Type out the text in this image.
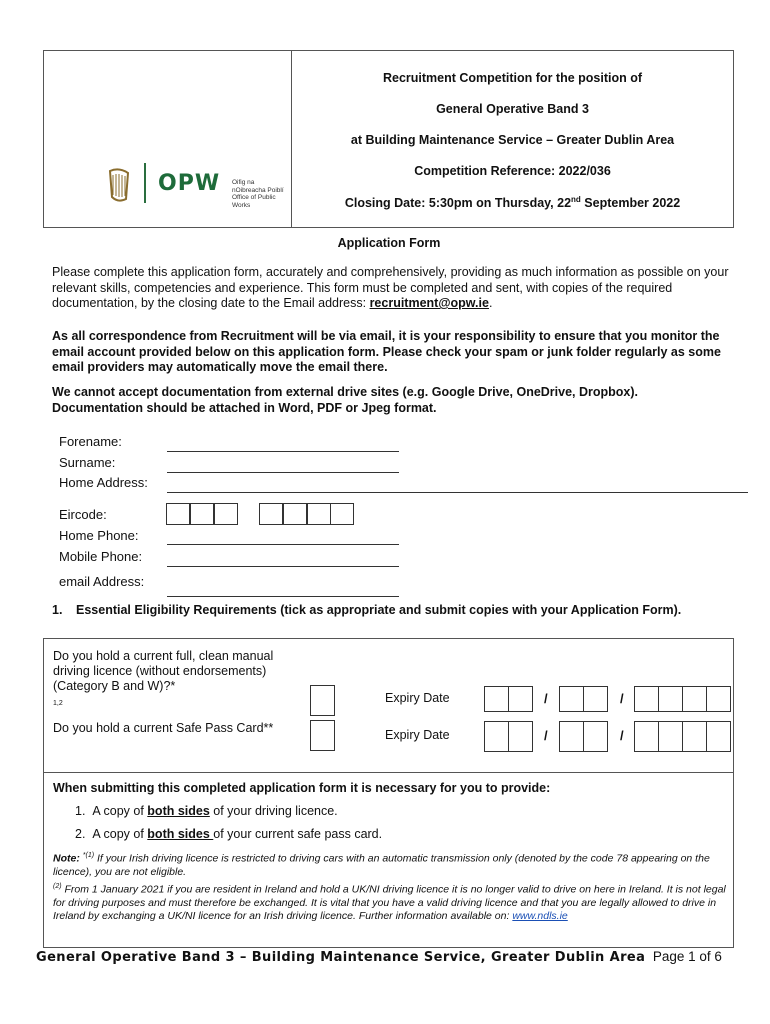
OPW Oifig na
nOibreacha Poiblí
Office of Public Works
Recruitment Competition for the position of
General Operative Band 3
at Building Maintenance Service – Greater Dublin Area
Competition Reference: 2022/036
Closing Date: 5:30pm on Thursday, 22nd September 2022
Application Form
Please complete this application form, accurately and comprehensively, providing as much information as possible on your relevant skills, competencies and experience. This form must be completed and sent, with copies of the required documentation, by the closing date to the Email address: recruitment@opw.ie.
As all correspondence from Recruitment will be via email, it is your responsibility to ensure that you monitor the email account provided below on this application form. Please check your spam or junk folder regularly as some email providers may automatically move the email there.
We cannot accept documentation from external drive sites (e.g. Google Drive, OneDrive, Dropbox). Documentation should be attached in Word, PDF or Jpeg format.
Forename:
Surname:
Home Address:
Eircode:
Home Phone:
Mobile Phone:
email Address:
1.	Essential Eligibility Requirements (tick as appropriate and submit copies with your Application Form).
Do you hold a current full, clean manual driving licence (without endorsements) (Category B and W)?*
1,2	Expiry Date	/	/
Do you hold a current Safe Pass Card**	Expiry Date	/	/
When submitting this completed application form it is necessary for you to provide:
1. A copy of both sides of your driving licence.
2. A copy of both sides of your current safe pass card.
Note: $^{*(1)}$ If your Irish driving licence is restricted to driving cars with an automatic transmission only (denoted by the code 78 appearing on the licence), you are not eligible.
$^{(2)}$ From 1 January 2021 if you are resident in Ireland and hold a UK/NI driving licence it is no longer valid to drive on here in Ireland. It is not legal for driving purposes and must therefore be exchanged. It is vital that you have a valid driving licence and that you are legally allowed to drive in Ireland by exchanging a UK/NI licence for an Irish driving licence. Further information available on: www.ndls.ie
General Operative Band 3 – Building Maintenance Service, Greater Dublin Area Page 1 of 6
